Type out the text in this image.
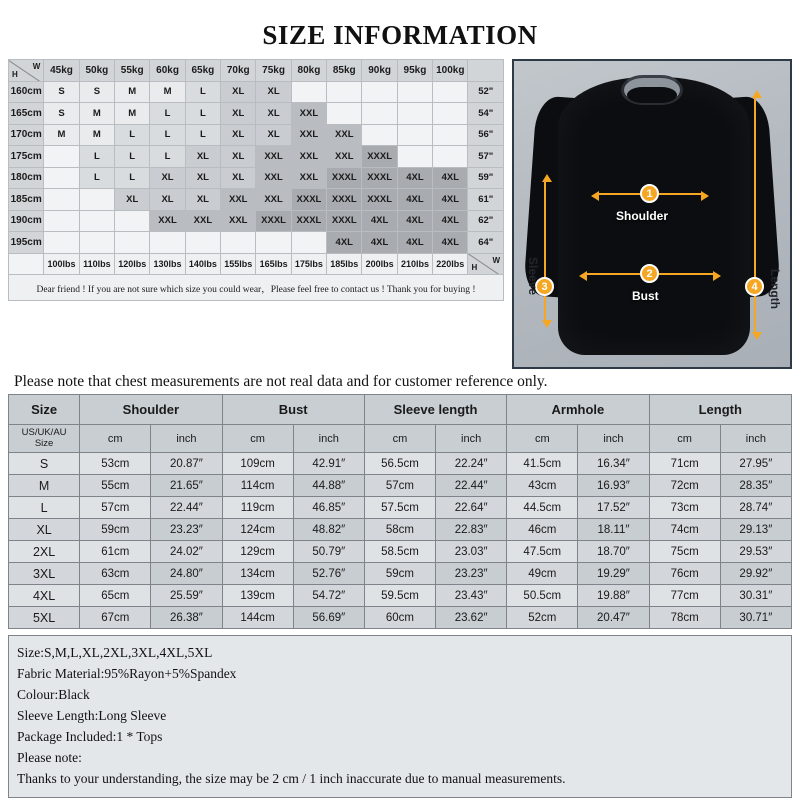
SIZE INFORMATION
H
W	45kg	50kg	55kg	60kg	65kg	70kg	75kg	80kg	85kg	90kg	95kg	100kg	
160cm	S	S	M	M	L	XL	XL						52"
165cm	S	M	M	L	L	XL	XL	XXL					54"
170cm	M	M	L	L	L	XL	XL	XXL	XXL				56"
175cm		L	L	L	XL	XL	XXL	XXL	XXL	XXXL			57"
180cm		L	L	XL	XL	XL	XXL	XXL	XXXL	XXXL	4XL	4XL	59"
185cm			XL	XL	XL	XXL	XXL	XXXL	XXXL	XXXL	4XL	4XL	61"
190cm				XXL	XXL	XXL	XXXL	XXXL	XXXL	4XL	4XL	4XL	62"
195cm									4XL	4XL	4XL	4XL	64"
	100lbs	110lbs	120lbs	130lbs	140lbs	155lbs	165lbs	175lbs	185lbs	200lbs	210lbs	220lbs	H
W

Dear friend ! If you are not sure which size you could wear，Please feel free to contact us ! Thank you for buying !													
1
Shoulder
2
Bust
3
Sleeve	4 Length
Please note that chest measurements are not real data and for customer reference only.
Size	Shoulder		Bust		Sleeve length		Armhole		Length	

US/UK/AU
Size	cm	inch	cm	inch	cm	inch	cm	inch	cm	inch
S	53cm	20.87″	109cm	42.91″	56.5cm	22.24″	41.5cm	16.34″	71cm	27.95″
M	55cm	21.65″	114cm	44.88″	57cm	22.44″	43cm	16.93″	72cm	28.35″
L	57cm	22.44″	119cm	46.85″	57.5cm	22.64″	44.5cm	17.52″	73cm	28.74″
XL	59cm	23.23″	124cm	48.82″	58cm	22.83″	46cm	18.11″	74cm	29.13″
2XL	61cm	24.02″	129cm	50.79″	58.5cm	23.03″	47.5cm	18.70″	75cm	29.53″
3XL	63cm	24.80″	134cm	52.76″	59cm	23.23″	49cm	19.29″	76cm	29.92″
4XL	65cm	25.59″	139cm	54.72″	59.5cm	23.43″	50.5cm	19.88″	77cm	30.31″
5XL	67cm	26.38″	144cm	56.69″	60cm	23.62″	52cm	20.47″	78cm	30.71″
Size:S,M,L,XL,2XL,3XL,4XL,5XL
Fabric Material:95%Rayon+5%Spandex
Colour:Black
Sleeve Length:Long Sleeve
Package Included:1 * Tops
Please note:
Thanks to your understanding, the size may be 2 cm / 1 inch inaccurate due to manual measurements.
